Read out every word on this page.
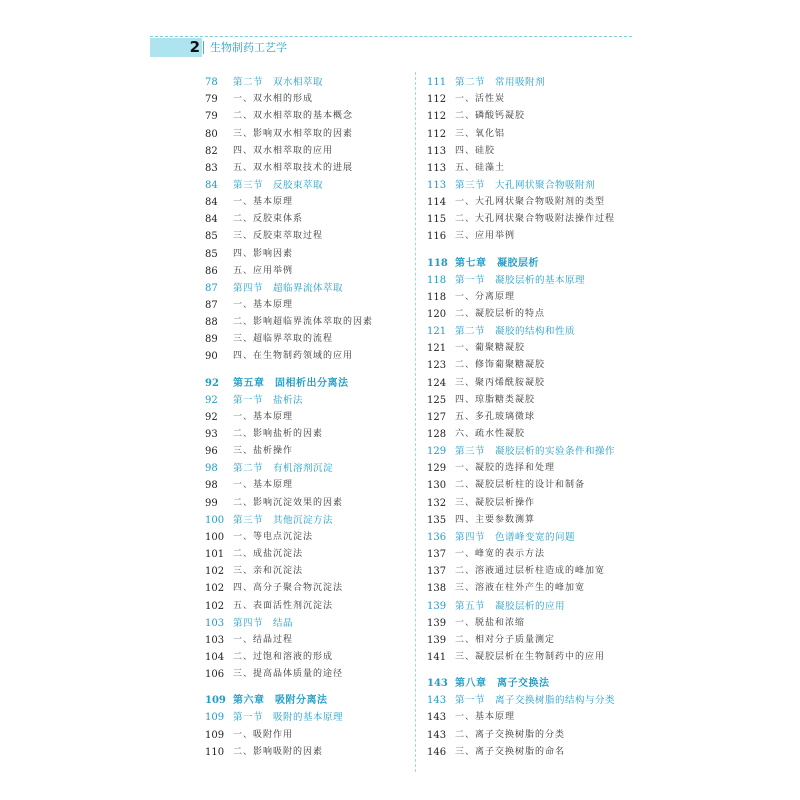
2 生物制药工艺学
78	第二节　双水相萃取
79	一、双水相的形成
79	二、双水相萃取的基本概念
80	三、影响双水相萃取的因素
82	四、双水相萃取的应用
83	五、双水相萃取技术的进展
84	第三节　反胶束萃取
84	一、基本原理
84	二、反胶束体系
85	三、反胶束萃取过程
85	四、影响因素
86	五、应用举例
87	第四节　超临界流体萃取
87	一、基本原理
88	二、影响超临界流体萃取的因素
89	三、超临界萃取的流程
90	四、在生物制药领域的应用
92	第五章　固相析出分离法
92	第一节　盐析法
92	一、基本原理
93	二、影响盐析的因素
96	三、盐析操作
98	第二节　有机溶剂沉淀
98	一、基本原理
99	二、影响沉淀效果的因素
100 第三节　其他沉淀方法
100 一、等电点沉淀法
101 二、成盐沉淀法
102 三、亲和沉淀法
102 四、高分子聚合物沉淀法
102 五、表面活性剂沉淀法
103 第四节　结晶
103 一、结晶过程
104 二、过饱和溶液的形成
106 三、提高晶体质量的途径
109 第六章　吸附分离法
109 第一节　吸附的基本原理
109 一、吸附作用
110 二、影响吸附的因素
111 第二节　常用吸附剂
112 一、活性炭
112 二、磷酸钙凝胶
112 三、氧化铝
113 四、硅胶
113 五、硅藻土
113 第三节　大孔网状聚合物吸附剂
114 一、大孔网状聚合物吸附剂的类型
115 二、大孔网状聚合物吸附法操作过程
116 三、应用举例
118 第七章　凝胶层析
118 第一节　凝胶层析的基本原理
118 一、分离原理
120 二、凝胶层析的特点
121 第二节　凝胶的结构和性质
121 一、葡聚糖凝胶
123 二、修饰葡聚糖凝胶
124 三、聚丙烯酰胺凝胶
125 四、琼脂糖类凝胶
127 五、多孔玻璃微球
128 六、疏水性凝胶
129 第三节　凝胶层析的实验条件和操作
129 一、凝胶的选择和处理
130 二、凝胶层析柱的设计和制备
132 三、凝胶层析操作
135 四、主要参数测算
136 第四节　色谱峰变宽的问题
137 一、峰宽的表示方法
137 二、溶液通过层析柱造成的峰加宽
138 三、溶液在柱外产生的峰加宽
139 第五节　凝胶层析的应用
139 一、脱盐和浓缩
139 二、相对分子质量测定
141 三、凝胶层析在生物制药中的应用
143 第八章　离子交换法
143 第一节　离子交换树脂的结构与分类
143 一、基本原理
143 二、离子交换树脂的分类
146 三、离子交换树脂的命名
